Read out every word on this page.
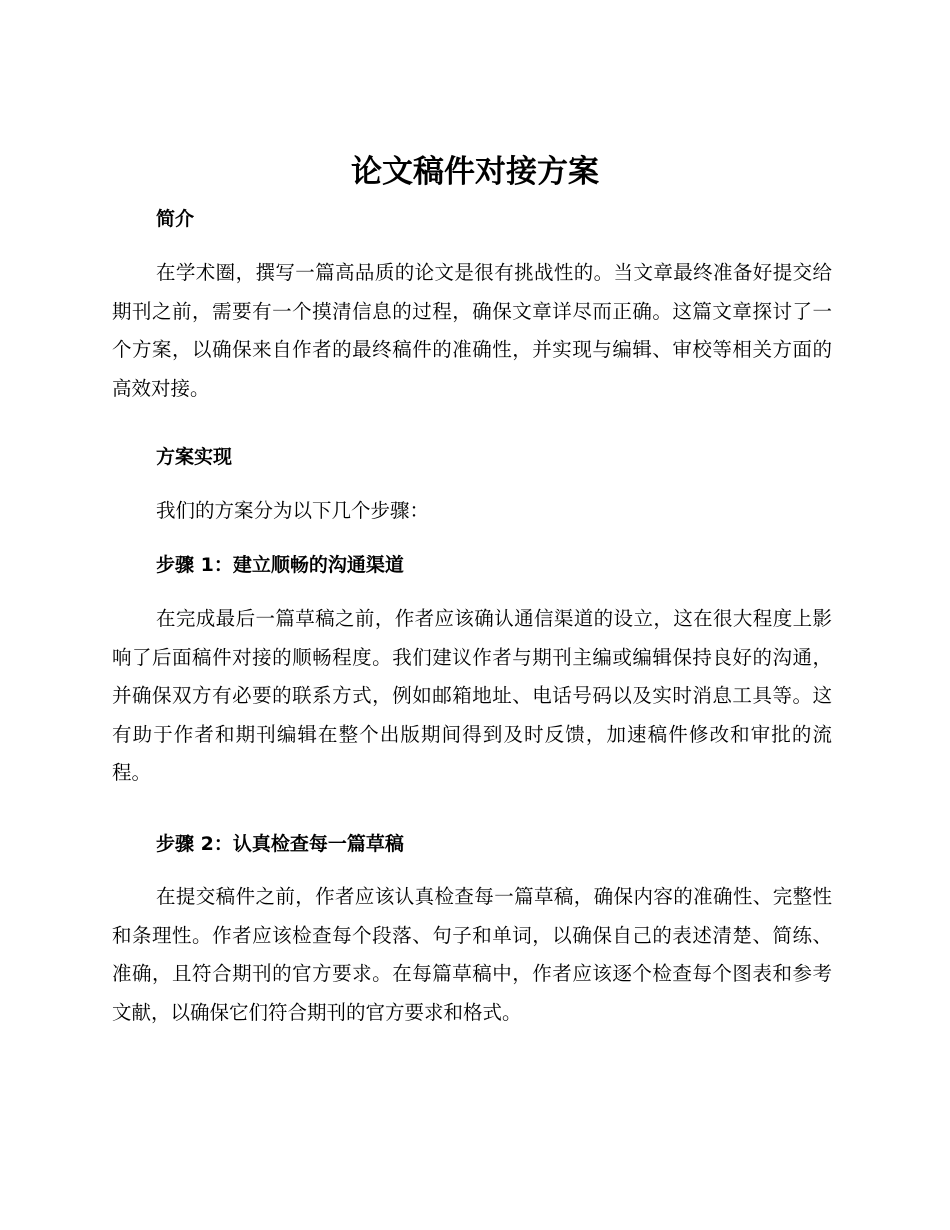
论文稿件对接方案
简介

在学术圈，撰写一篇高品质的论文是很有挑战性的。当文章最终准备好提交给期刊之前，需要有一个摸清信息的过程，确保文章详尽而正确。这篇文章探讨了一个方案，以确保来自作者的最终稿件的准确性，并实现与编辑、审校等相关方面的高效对接。

方案实现

我们的方案分为以下几个步骤：

步骤 1：建立顺畅的沟通渠道

在完成最后一篇草稿之前，作者应该确认通信渠道的设立，这在很大程度上影响了后面稿件对接的顺畅程度。我们建议作者与期刊主编或编辑保持良好的沟通，并确保双方有必要的联系方式，例如邮箱地址、电话号码以及实时消息工具等。这有助于作者和期刊编辑在整个出版期间得到及时反馈，加速稿件修改和审批的流程。

步骤 2：认真检查每一篇草稿

在提交稿件之前，作者应该认真检查每一篇草稿，确保内容的准确性、完整性和条理性。作者应该检查每个段落、句子和单词，以确保自己的表述清楚、简练、准确，且符合期刊的官方要求。在每篇草稿中，作者应该逐个检查每个图表和参考文献，以确保它们符合期刊的官方要求和格式。
